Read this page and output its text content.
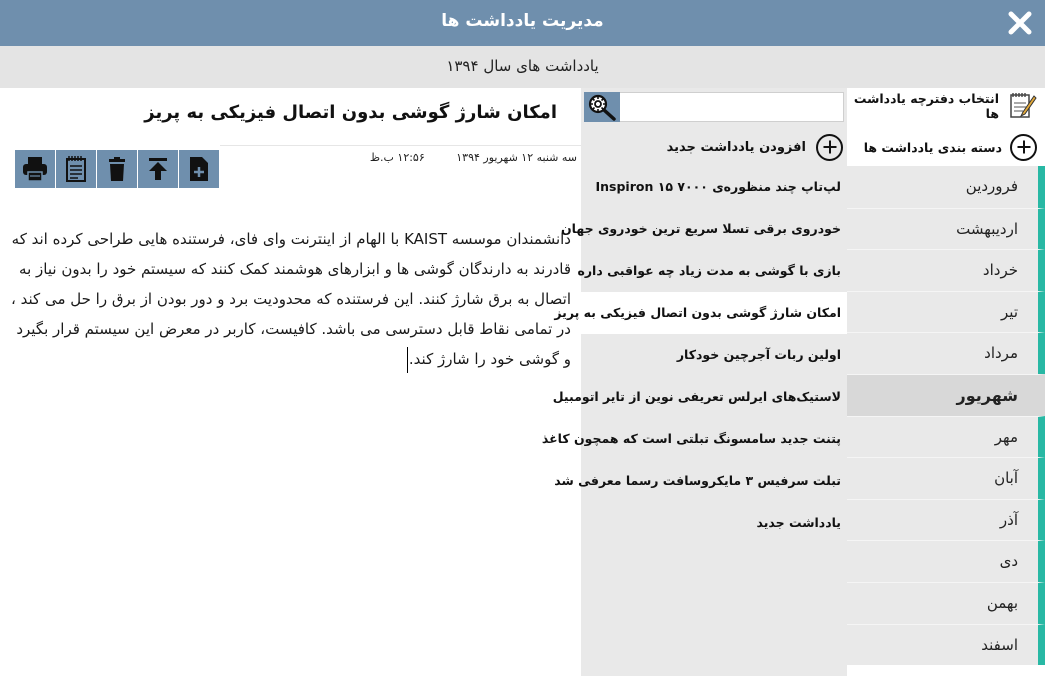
مدیریت یادداشت ها
یادداشت های سال ۱۳۹۴
امکان شارژ گوشی بدون اتصال فیزیکی به پریز
سه شنبه ۱۲ شهریور ۱۳۹۴ ۱۲:۵۶ ب.ظ
دانشمندان موسسه KAIST با الهام از اینترنت وای فای، فرستنده هایی طراحی کرده اند که قادرند به دارندگان گوشی ها و ابزارهای هوشمند کمک کنند که سیستم خود را بدون نیاز به اتصال به برق شارژ کنند. این فرستنده که محدودیت برد و دور بودن از برق را حل می کند ، در تمامی نقاط قابل دسترسی می باشد. کافیست، کاربر در معرض این سیستم قرار بگیرد و گوشی خود را شارژ کند.
افزودن یادداشت جدید
لپ‌تاپ چند منظوره‌ی Inspiron ۱۵ ۷۰۰۰
خودروی برقی تسلا سریع ترین خودروی جهان
بازی با گوشی به مدت زیاد چه عواقبی داره
امکان شارژ گوشی بدون اتصال فیزیکی به پریز
اولین ربات آجرچین خودکار
لاستیک‌های ایرلس تعریفی نوین از تایر اتومبیل
پتنت جدید سامسونگ تبلتی است که همچون کاغذ
تبلت سرفیس ۳ مایکروسافت رسما معرفی شد
یادداشت جدید
انتخاب دفترچه یادداشت ها
دسته بندی یادداشت ها
فروردین
اردیبهشت
خرداد
تیر
مرداد
شهریور
مهر
آبان
آذر
دی
بهمن
اسفند
